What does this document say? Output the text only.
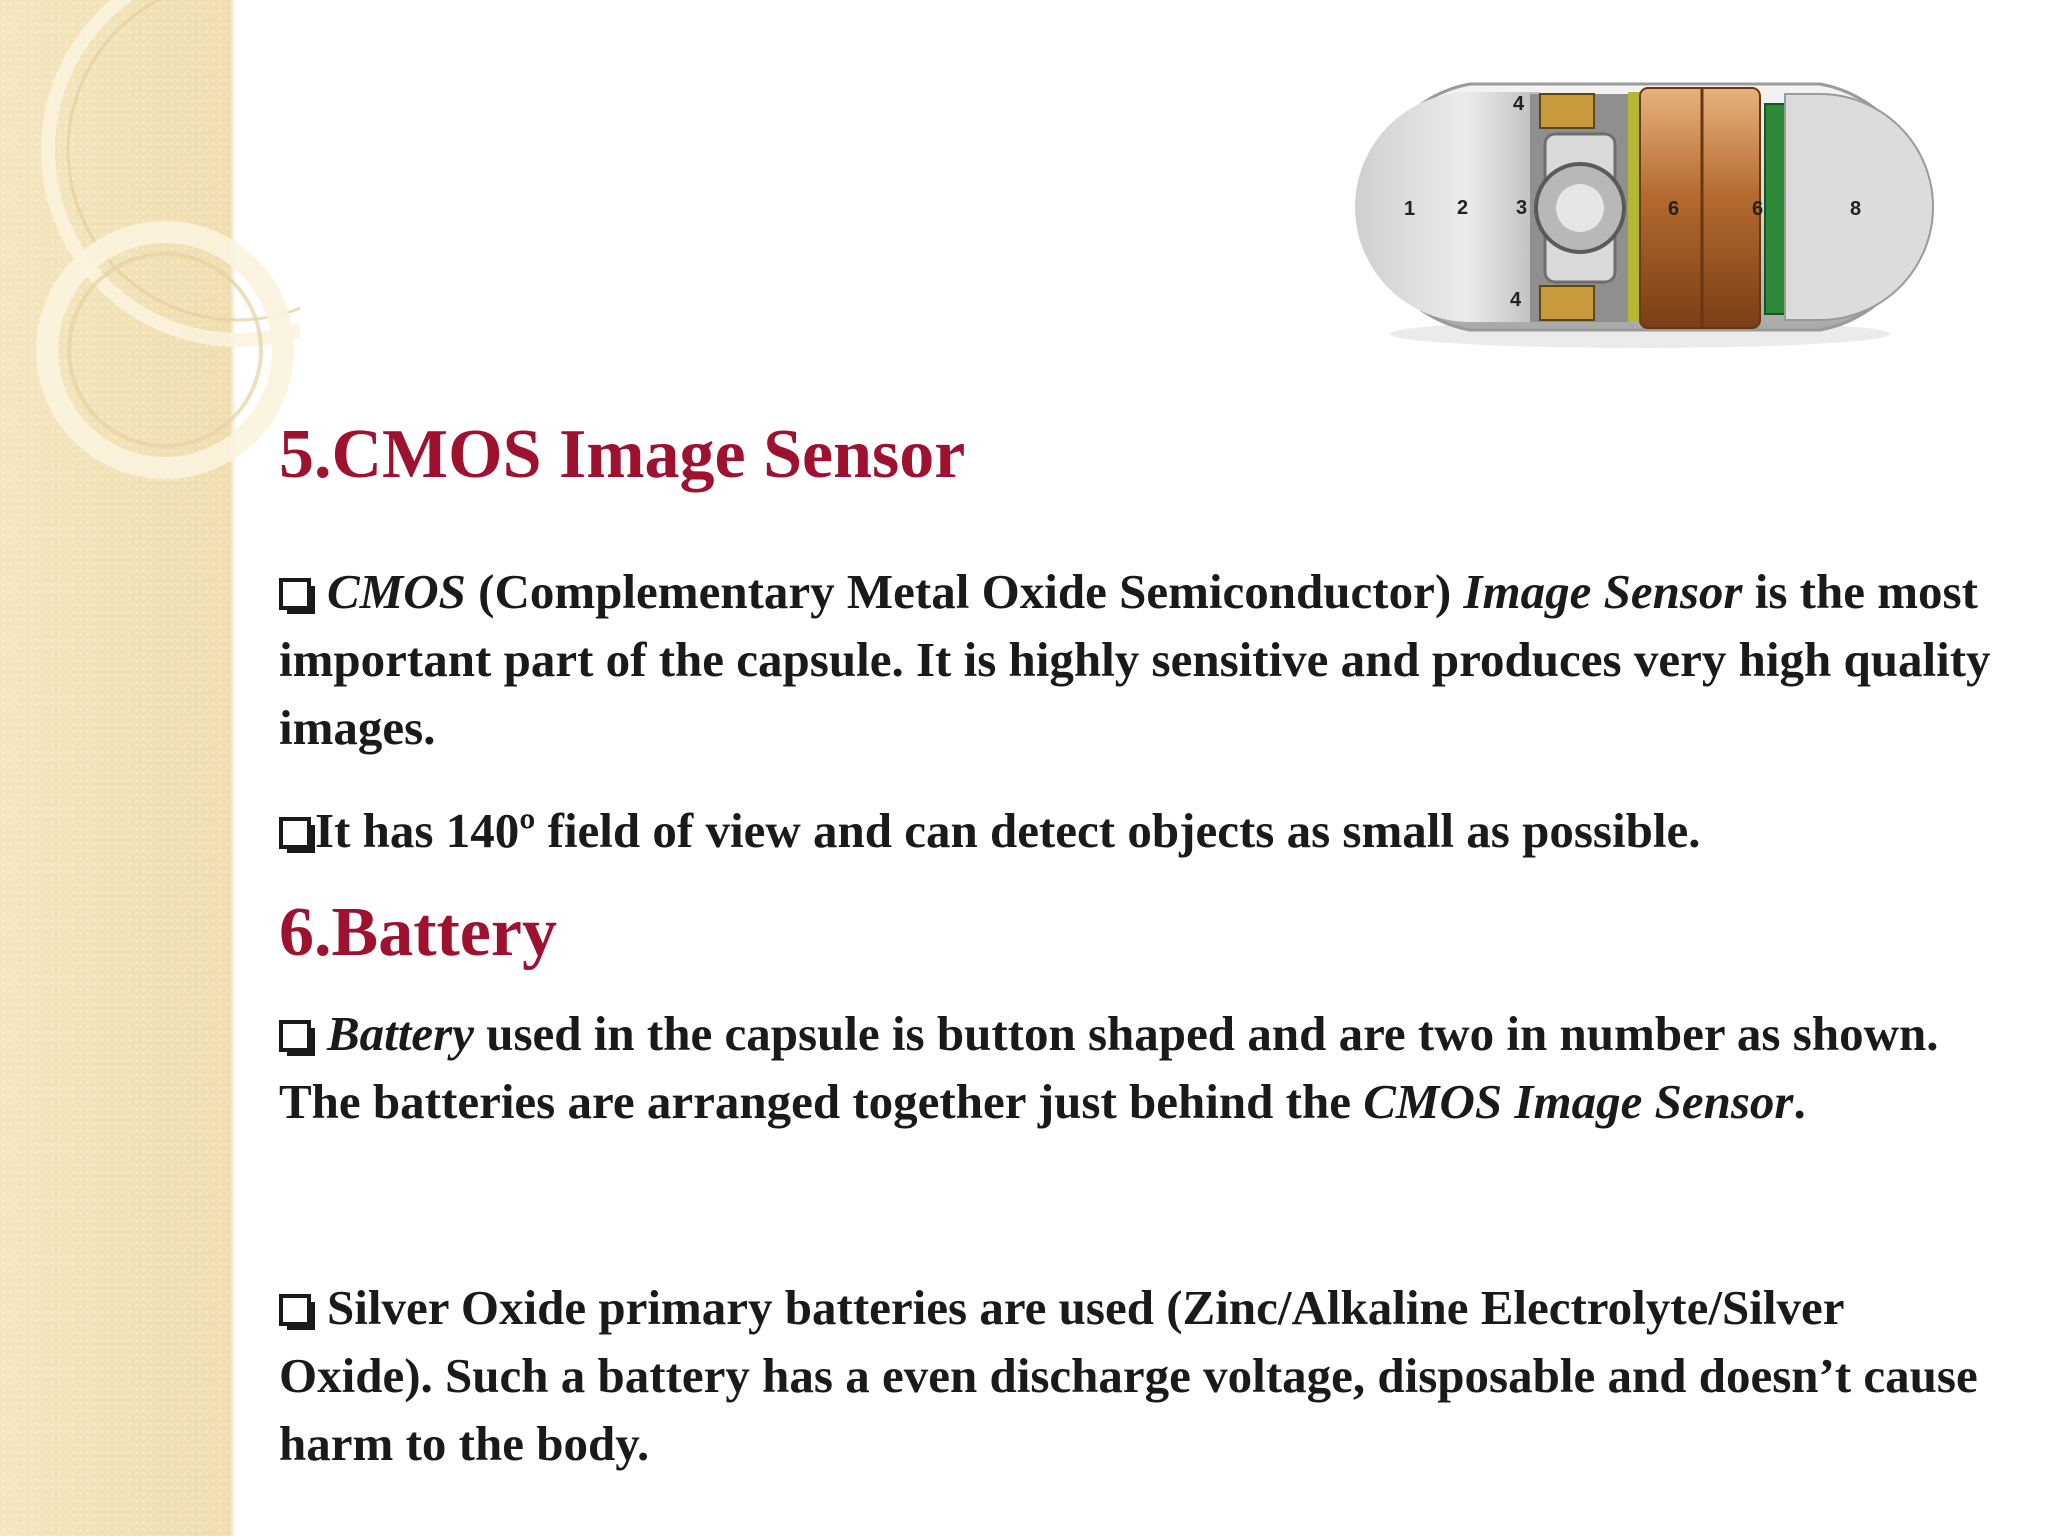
1 2 3
4
4
6	6	8
5.CMOS Image Sensor

CMOS (Complementary Metal Oxide Semiconductor) Image Sensor is the most important part of the capsule. It is highly sensitive and produces very high quality images.

It has 140º field of view and can detect objects as small as possible.

6.Battery

Battery used in the capsule is button shaped and are two in number as shown. The batteries are arranged together just behind the CMOS Image Sensor.

Silver Oxide primary batteries are used (Zinc/Alkaline Electrolyte/Silver Oxide). Such a battery has a even discharge voltage, disposable and doesn’t cause harm to the body.
